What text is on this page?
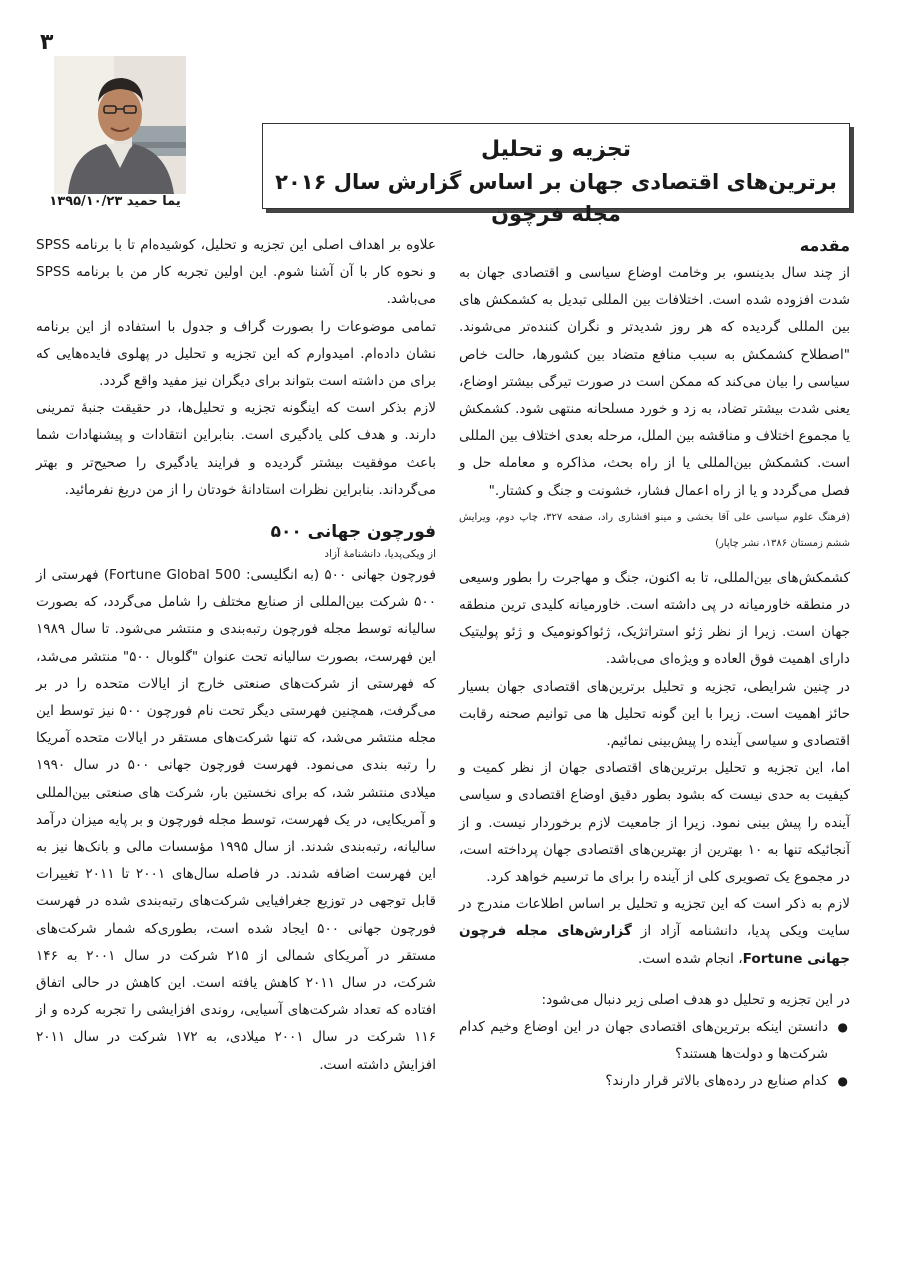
۳
یما حمید ۱۳۹۵/۱۰/۲۳
تجزیه و تحلیل
برترین‌های اقتصادی جهان بر اساس گزارش سال ۲۰۱۶ مجله فرچون
مقدمه

از چند سال بدینسو، بر وخامت اوضاع سیاسی و اقتصادی جهان به شدت افزوده شده است. اختلافات بین المللی تبدیل به کشمکش های بین المللی گردیده که هر روز شدیدتر و نگران کننده‌تر می‌شوند. "اصطلاح کشمکش به سبب منافع متضاد بین کشورها، حالت خاص سیاسی را بیان می‌کند که ممکن است در صورت تیرگی بیشتر اوضاع، یعنی شدت بیشتر تضاد، به زد و خورد مسلحانه منتهی شود. کشمکش یا مجموع اختلاف و مناقشه بین الملل، مرحله بعدی اختلاف بین المللی است. کشمکش بین‌المللی یا از راه بحث، مذاکره و معامله حل و فصل می‌گردد و یا از راه اعمال فشار، خشونت و جنگ و کشتار."

(فرهنگ علوم سیاسی علی آقا بخشی و مینو افشاری راد، صفحه ۳۲۷، چاپ دوم، ویرایش ششم زمستان ۱۳۸۶، نشر چاپار)

کشمکش‌های بین‌المللی، تا به اکنون، جنگ و مهاجرت را بطور وسیعی در منطقه خاورمیانه در پی داشته است. خاورمیانه کلیدی ترین منطقه جهان است. زیرا از نظر ژئو استراتژیک، ژئواکونومیک و ژئو پولیتیک دارای اهمیت فوق العاده و ویژه‌ای می‌باشد.

در چنین شرایطی، تجزیه و تحلیل برترین‌های اقتصادی جهان بسیار حائز اهمیت است. زیرا با این گونه تحلیل ها می توانیم صحنه رقابت اقتصادی و سیاسی آینده را پیش‌بینی نمائیم.

اما، این تجزیه و تحلیل برترین‌های اقتصادی جهان از نظر کمیت و کیفیت به حدی نیست که بشود بطور دقیق اوضاع اقتصادی و سیاسی آینده را پیش بینی نمود. زیرا از جامعیت لازم برخوردار نیست. و از آنجائیکه تنها به ۱۰ بهترین از بهترین‌های اقتصادی جهان پرداخته است، در مجموع یک تصویری کلی از آینده را برای ما ترسیم خواهد کرد.

لازم به ذکر است که این تجزیه و تحلیل بر اساس اطلاعات مندرج در سایت ویکی پدیا، دانشنامه آزاد از گزارش‌های مجله فرچون جهانی Fortune، انجام شده است.

در این تجزیه و تحلیل دو هدف اصلی زیر دنبال می‌شود:

● دانستن اینکه برترین‌های اقتصادی جهان در این اوضاع وخیم کدام شرکت‌ها و دولت‌ها هستند؟
● کدام صنایع در رده‌های بالاتر قرار دارند؟

علاوه بر اهداف اصلی این تجزیه و تحلیل، کوشیده‌ام تا با برنامه SPSS و نحوه کار با آن آشنا شوم. این اولین تجربه کار من با برنامه SPSS می‌باشد.

تمامی موضوعات را بصورت گراف و جدول با استفاده از این برنامه نشان داده‌ام. امیدوارم که این تجزیه و تحلیل در پهلوی فایده‌هایی که برای من داشته است بتواند برای دیگران نیز مفید واقع گردد.

لازم بذکر است که اینگونه تجزیه و تحلیل‌ها، در حقیقت جنبهٔ تمرینی دارند. و هدف کلی یادگیری است. بنابراین انتقادات و پیشنهادات شما باعث موفقیت بیشتر گردیده و فرایند یادگیری را صحیح‌تر و بهتر می‌گرداند. بنابراین نظرات استادانهٔ خودتان را از من دریغ نفرمائید.

فورچون جهانی ۵۰۰
از ویکی‌پدیا، دانشنامهٔ آزاد

فورچون جهانی ۵۰۰ (به انگلیسی: Fortune Global 500) فهرستی از ۵۰۰ شرکت بین‌المللی از صنایع مختلف را شامل می‌گردد، که بصورت سالیانه توسط مجله فورچون رتبه‌بندی و منتشر می‌شود. تا سال ۱۹۸۹ این فهرست، بصورت سالیانه تحت عنوان "گلوبال ۵۰۰" منتشر می‌شد، که فهرستی از شرکت‌های صنعتی خارج از ایالات متحده را در بر می‌گرفت، همچنین فهرستی دیگر تحت نام فورچون ۵۰۰ نیز توسط این مجله منتشر می‌شد، که تنها شرکت‌های مستقر در ایالات متحده آمریکا را رتبه بندی می‌نمود. فهرست فورچون جهانی ۵۰۰ در سال ۱۹۹۰ میلادی منتشر شد، که برای نخستین بار، شرکت های صنعتی بین‌المللی و آمریکایی، در یک فهرست، توسط مجله فورچون و بر پایه میزان درآمد سالیانه، رتبه‌بندی شدند. از سال ۱۹۹۵ مؤسسات مالی و بانک‌ها نیز به این فهرست اضافه شدند. در فاصله سال‌های ۲۰۰۱ تا ۲۰۱۱ تغییرات قابل توجهی در توزیع جغرافیایی شرکت‌های رتبه‌بندی شده در فهرست فورچون جهانی ۵۰۰ ایجاد شده است، بطوری‌که شمار شرکت‌های مستقر در آمریکای شمالی از ۲۱۵ شرکت در سال ۲۰۰۱ به ۱۴۶ شرکت، در سال ۲۰۱۱ کاهش یافته است. این کاهش در حالی اتفاق افتاده که تعداد شرکت‌های آسیایی، روندی افزایشی را تجربه کرده و از ۱۱۶ شرکت در سال ۲۰۰۱ میلادی، به ۱۷۲ شرکت در سال ۲۰۱۱ افزایش داشته است.
